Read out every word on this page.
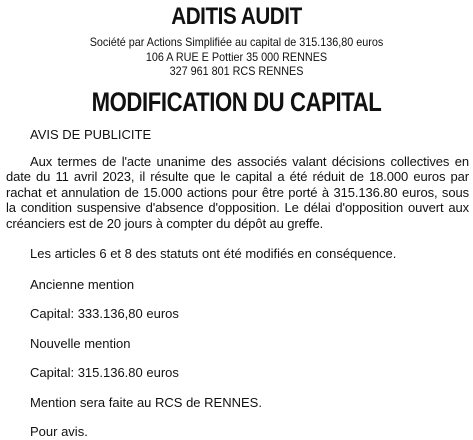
ADITIS AUDIT
Société par Actions Simplifiée au capital de 315.136,80 euros
106 A RUE E Pottier 35 000 RENNES
327 961 801 RCS RENNES
MODIFICATION DU CAPITAL

AVIS DE PUBLICITE

Aux termes de l'acte unanime des associés valant décisions collectives en date du 11 avril 2023, il résulte que le capital a été réduit de 18.000 euros par rachat et annulation de 15.000 actions pour être porté à 315.136.80 euros, sous la condition suspensive d'absence d'opposition. Le délai d'opposition ouvert aux créanciers est de 20 jours à compter du dépôt au greffe.

Les articles 6 et 8 des statuts ont été modifiés en conséquence.

Ancienne mention

Capital: 333.136,80 euros

Nouvelle mention

Capital: 315.136.80 euros

Mention sera faite au RCS de RENNES.

Pour avis.
